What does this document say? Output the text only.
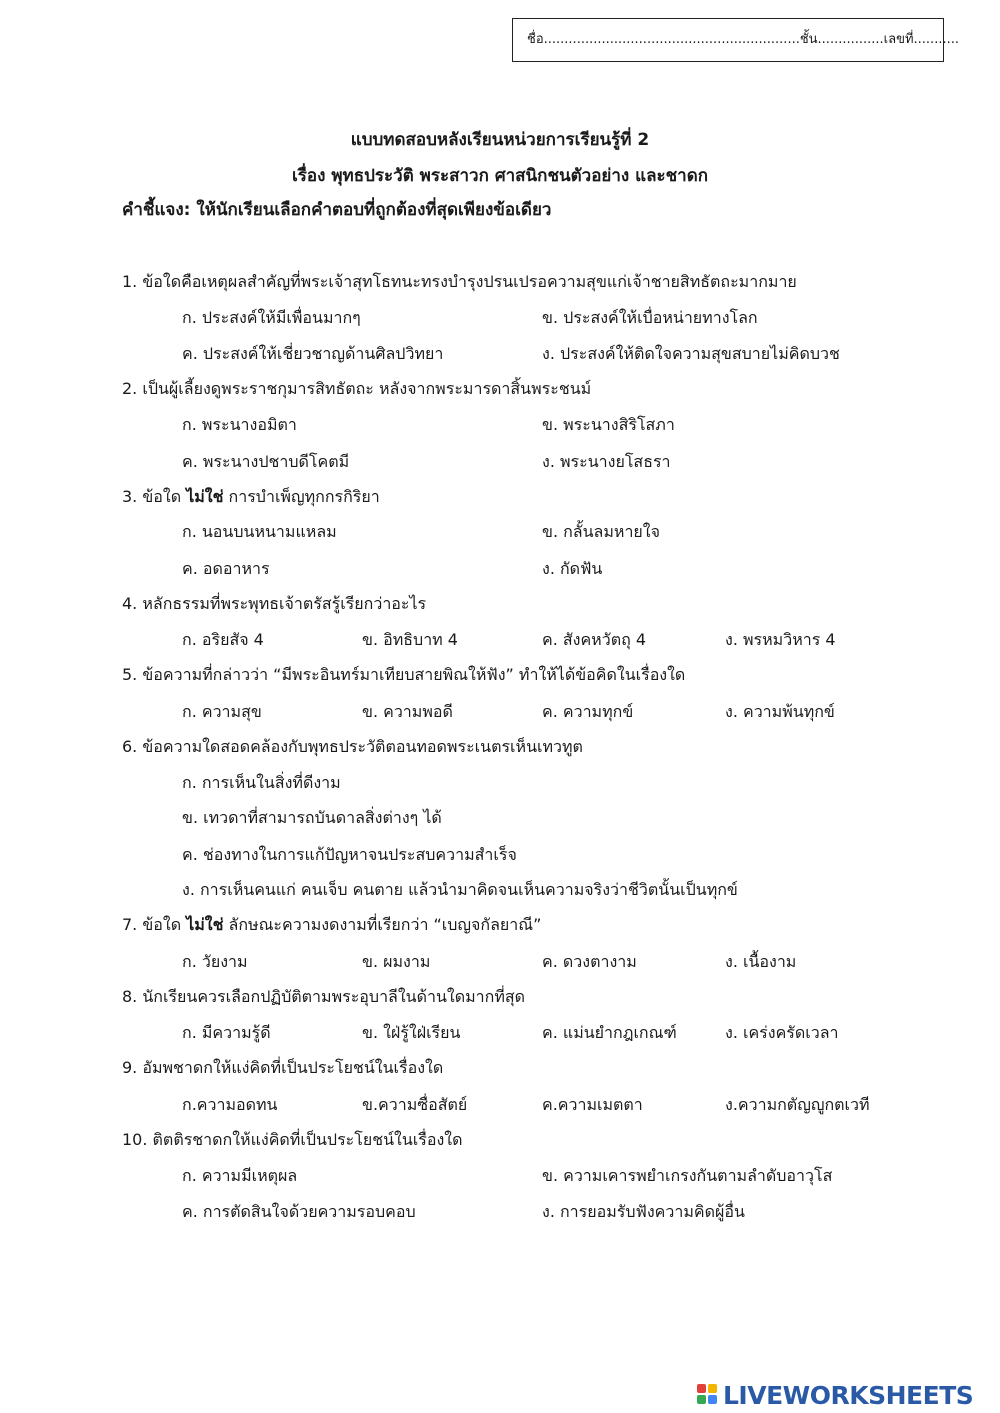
ชื่อ..............................................................ชั้น................เลขที่...........
แบบทดสอบหลังเรียนหน่วยการเรียนรู้ที่ 2
เรื่อง พุทธประวัติ พระสาวก ศาสนิกชนตัวอย่าง และชาดก
คำชี้แจง: ให้นักเรียนเลือกคำตอบที่ถูกต้องที่สุดเพียงข้อเดียว
1. ข้อใดคือเหตุผลสำคัญที่พระเจ้าสุทโธทนะทรงบำรุงปรนเปรอความสุขแก่เจ้าชายสิทธัตถะมากมาย
ก. ประสงค์ให้มีเพื่อนมากๆ	ข. ประสงค์ให้เบื่อหน่ายทางโลก
ค. ประสงค์ให้เชี่ยวชาญด้านศิลปวิทยา	ง. ประสงค์ให้ติดใจความสุขสบายไม่คิดบวช
2. เป็นผู้เลี้ยงดูพระราชกุมารสิทธัตถะ หลังจากพระมารดาสิ้นพระชนม์
ก. พระนางอมิตา	ข. พระนางสิริโสภา
ค. พระนางปชาบดีโคตมี	ง. พระนางยโสธรา
3. ข้อใด ไม่ใช่ การบำเพ็ญทุกกรกิริยา
ก. นอนบนหนามแหลม	ข. กลั้นลมหายใจ
ค. อดอาหาร	ง. กัดฟัน
4. หลักธรรมที่พระพุทธเจ้าตรัสรู้เรียกว่าอะไร
ก. อริยสัจ 4	ข. อิทธิบาท 4	ค. สังคหวัตถุ 4	ง. พรหมวิหาร 4
5. ข้อความที่กล่าวว่า “มีพระอินทร์มาเทียบสายพิณให้ฟัง” ทำให้ได้ข้อคิดในเรื่องใด
ก. ความสุข	ข. ความพอดี	ค. ความทุกข์	ง. ความพ้นทุกข์
6. ข้อความใดสอดคล้องกับพุทธประวัติตอนทอดพระเนตรเห็นเทวทูต
ก. การเห็นในสิ่งที่ดีงาม
ข. เทวดาที่สามารถบันดาลสิ่งต่างๆ ได้
ค. ช่องทางในการแก้ปัญหาจนประสบความสำเร็จ
ง. การเห็นคนแก่ คนเจ็บ คนตาย แล้วนำมาคิดจนเห็นความจริงว่าชีวิตนั้นเป็นทุกข์
7. ข้อใด ไม่ใช่ ลักษณะความงดงามที่เรียกว่า “เบญจกัลยาณี”
ก. วัยงาม	ข. ผมงาม	ค. ดวงตางาม	ง. เนื้องาม
8. นักเรียนควรเลือกปฏิบัติตามพระอุบาลีในด้านใดมากที่สุด
ก. มีความรู้ดี	ข. ใฝ่รู้ใฝ่เรียน	ค. แม่นยำกฎเกณฑ์	ง. เคร่งครัดเวลา
9. อัมพชาดกให้แง่คิดที่เป็นประโยชน์ในเรื่องใด
ก.ความอดทน	ข.ความซื่อสัตย์	ค.ความเมตตา	ง.ความกตัญญูกตเวที
10. ติตติรชาดกให้แง่คิดที่เป็นประโยชน์ในเรื่องใด
ก. ความมีเหตุผล	ข. ความเคารพยำเกรงกันตามลำดับอาวุโส
ค. การตัดสินใจด้วยความรอบคอบ	ง. การยอมรับฟังความคิดผู้อื่น
LIVEWORKSHEETS
